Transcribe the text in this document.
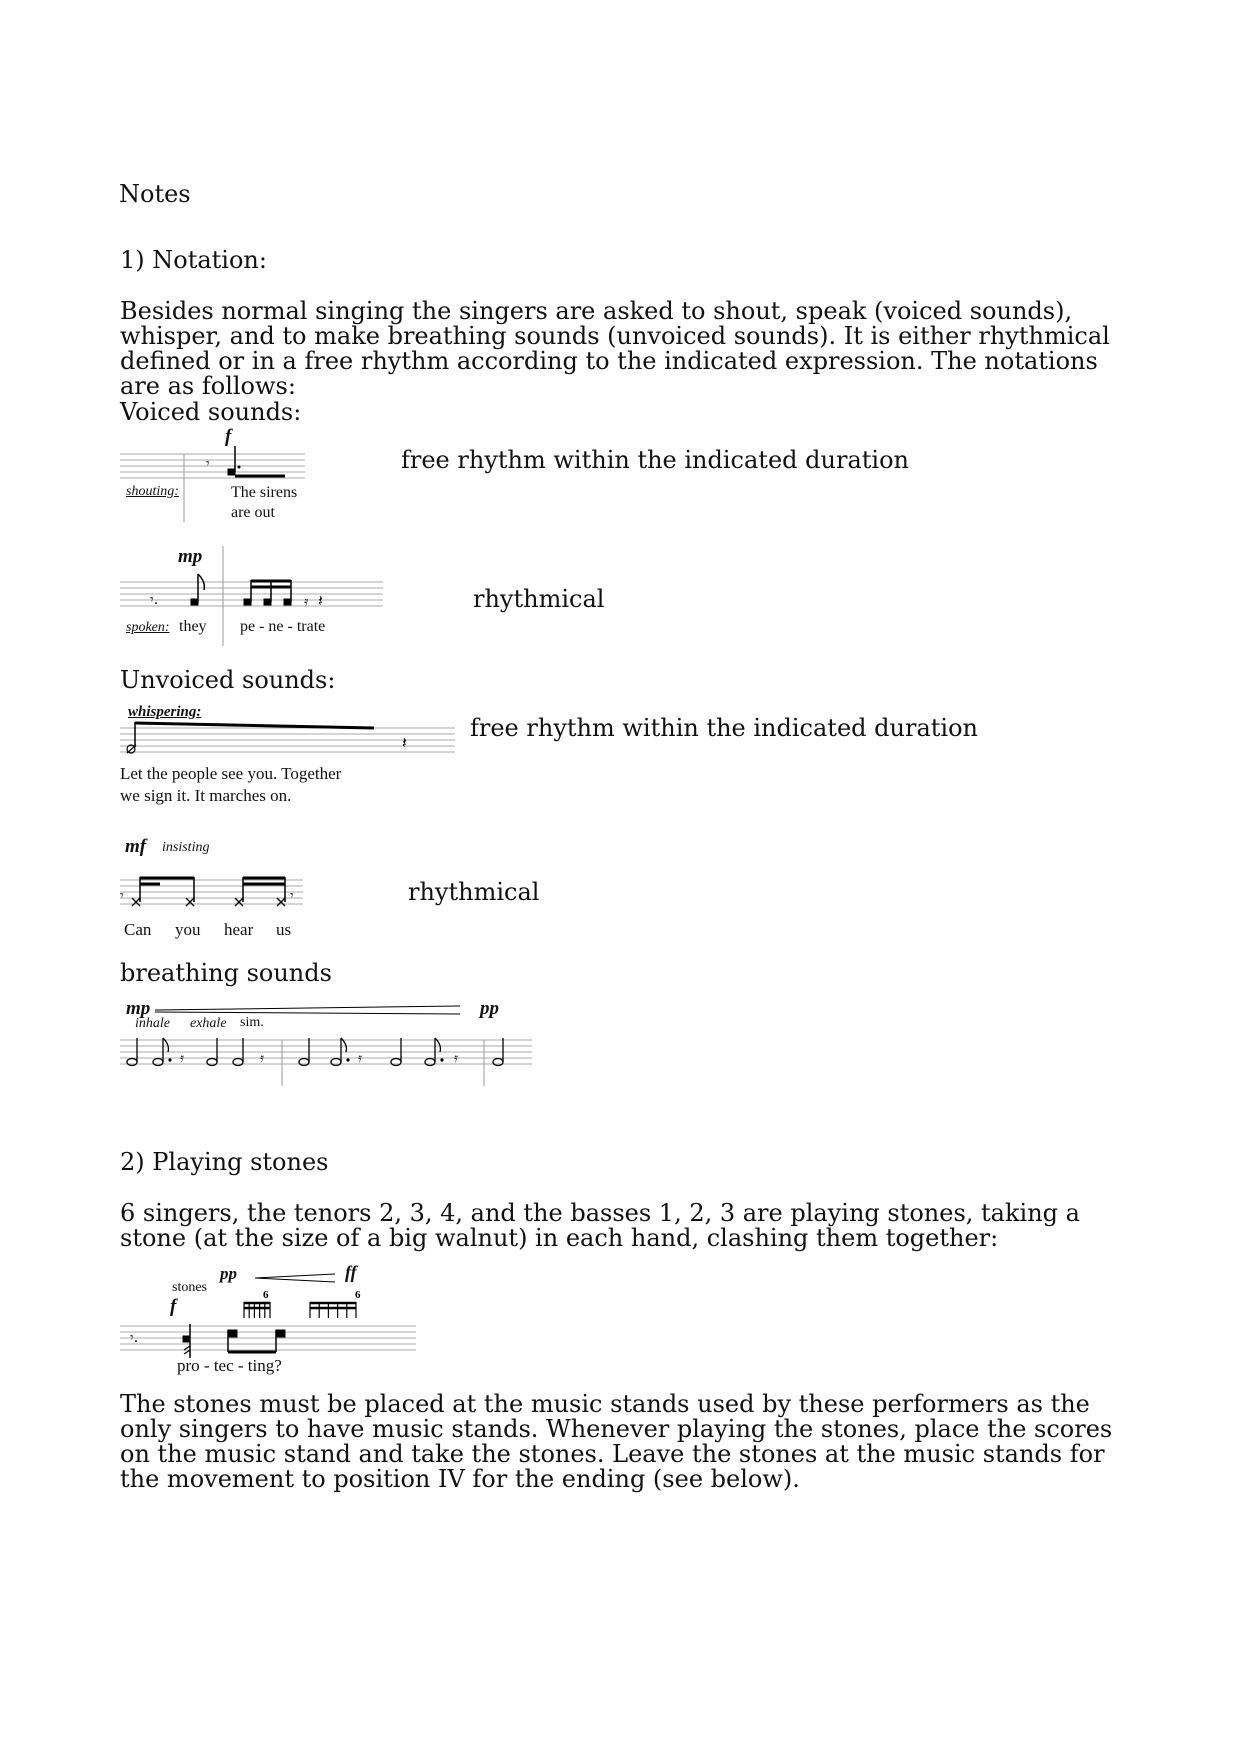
Notes
1) Notation:
Besides normal singing the singers are asked to shout, speak (voiced sounds), whisper, and to make breathing sounds (unvoiced sounds). It is either rhythmical defined or in a free rhythm according to the indicated expression. The notations are as follows:
Voiced sounds:
𝄾
f
shouting:	The sirens
are out
free rhythm within the indicated duration
𝄾.	𝄿 𝄽
mp
spoken: they pe - ne - trate
rhythmical
Unvoiced sounds:
𝄽
whispering:
Let the people see you. Together
we sign it. It marches on.
free rhythm within the indicated duration
𝄾	𝄾
mf insisting
Can you hear us
rhythmical
breathing sounds
𝄿	𝄿	𝄿	𝄿
mp	pp
inhale exhale sim.
2) Playing stones
6 singers, the tenors 2, 3, 4, and the basses 1, 2, 3 are playing stones, taking a stone (at the size of a big walnut) in each hand, clashing them together:
𝄾.
6	6
stones
f
pp	ff
pro - tec - ting?
The stones must be placed at the music stands used by these performers as the only singers to have music stands. Whenever playing the stones, place the scores on the music stand and take the stones. Leave the stones at the music stands for the movement to position IV for the ending (see below).
